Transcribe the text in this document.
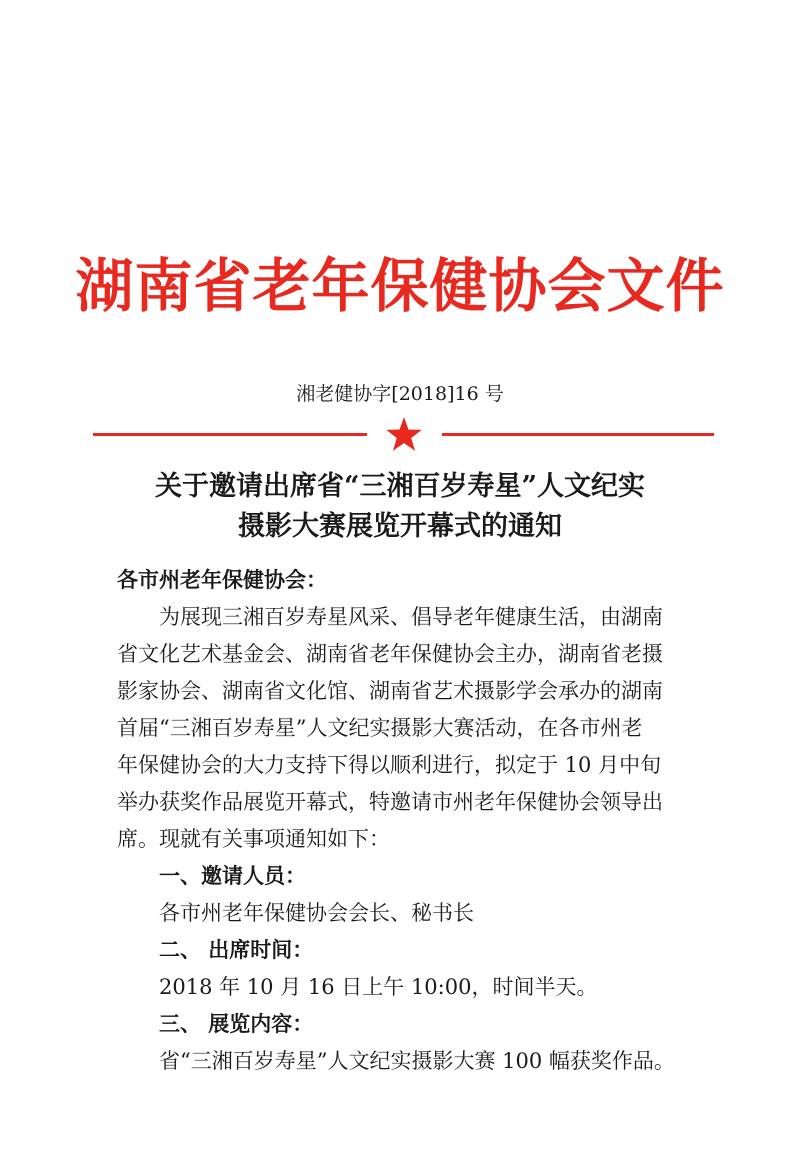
湖南省老年保健协会文件
湘老健协字[2018]16 号
关于邀请出席省“三湘百岁寿星”人文纪实
摄影大赛展览开幕式的通知
各市州老年保健协会：
为展现三湘百岁寿星风采、倡导老年健康生活，由湖南
省文化艺术基金会、湖南省老年保健协会主办，湖南省老摄
影家协会、湖南省文化馆、湖南省艺术摄影学会承办的湖南
首届“三湘百岁寿星”人文纪实摄影大赛活动，在各市州老
年保健协会的大力支持下得以顺利进行，拟定于 10 月中旬
举办获奖作品展览开幕式，特邀请市州老年保健协会领导出
席。现就有关事项通知如下：
一、邀请人员：
各市州老年保健协会会长、秘书长
二、 出席时间：
2018 年 10 月 16 日上午 10:00，时间半天。
三、 展览内容：
省“三湘百岁寿星”人文纪实摄影大赛 100 幅获奖作品。
